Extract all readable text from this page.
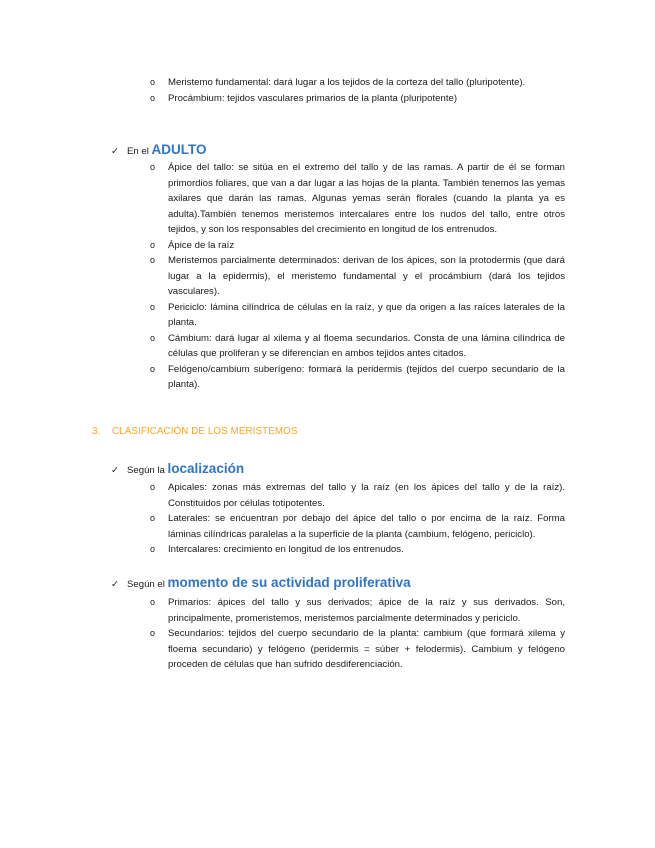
o Meristemo fundamental: dará lugar a los tejidos de la corteza del tallo (pluripotente).
o Procámbium: tejidos vasculares primarios de la planta (pluripotente)
✓ En el ADULTO
o Ápice del tallo: se sitúa en el extremo del tallo y de las ramas. A partir de él se forman primordios foliares, que van a dar lugar a las hojas de la planta. También tenemos las yemas axilares que darán las ramas. Algunas yemas serán florales (cuando la planta ya es adulta).También tenemos meristemos intercalares entre los nudos del tallo, entre otros tejidos, y son los responsables del crecimiento en longitud de los entrenudos.
o Ápice de la raíz
o Meristemos parcialmente determinados: derivan de los ápices, son la protodermis (que dará lugar a la epidermis), el meristemo fundamental y el procámbium (dará los tejidos vasculares).
o Periciclo: lámina cilíndrica de células en la raíz, y que da origen a las raíces laterales de la planta.
o Cámbium: dará lugar al xilema y al floema secundarios. Consta de una lámina cilíndrica de células que proliferan y se diferencian en ambos tejidos antes citados.
o Felógeno/cambium suberígeno: formará la peridermis (tejidos del cuerpo secundario de la planta).
3. CLASIFICACIÓN DE LOS MERISTEMOS
✓ Según la localización
o Apicales: zonas más extremas del tallo y la raíz (en los ápices del tallo y de la raíz). Constituidos por células totipotentes.
o Laterales: se encuentran por debajo del ápice del tallo o por encima de la raíz. Forma láminas cilíndricas paralelas a la superficie de la planta (cambium, felógeno, periciclo).
o Intercalares: crecimiento en longitud de los entrenudos.
✓ Según el momento de su actividad proliferativa
o Primarios: ápices del tallo y sus derivados; ápice de la raíz y sus derivados. Son, principalmente, promeristemos, meristemos parcialmente determinados y periciclo.
o Secundarios: tejidos del cuerpo secundario de la planta: cambium (que formará xilema y floema secundario) y felógeno (peridermis = súber + felodermis). Cambium y felógeno proceden de células que han sufrido desdiferenciación.
